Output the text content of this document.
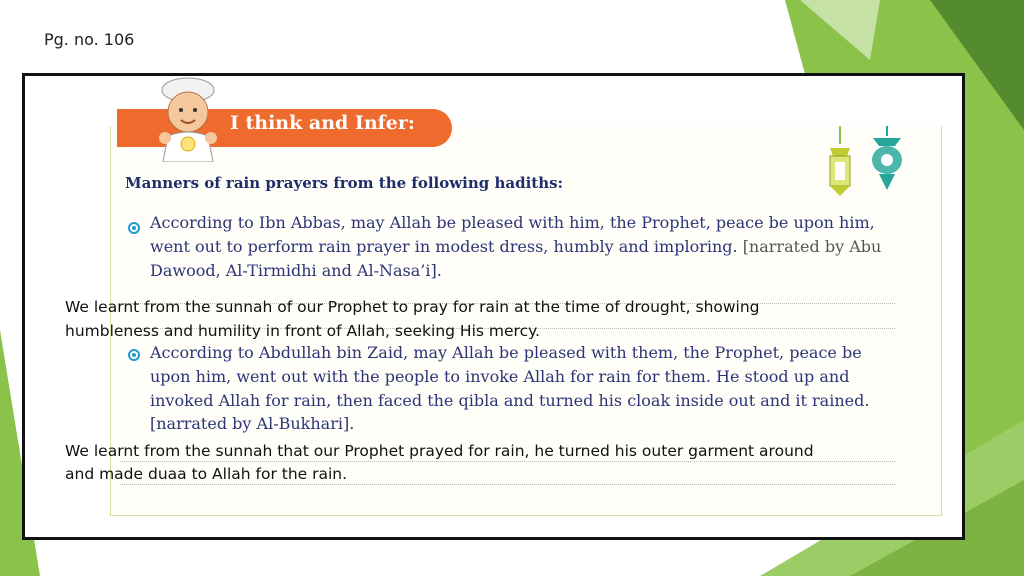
Pg. no. 106
I think and Infer:
Manners of rain prayers from the following hadiths:
According to Ibn Abbas, may Allah be pleased with him, the Prophet, peace be upon him,
went out to perform rain prayer in modest dress, humbly and imploring. [narrated by Abu
Dawood, Al-Tirmidhi and Al-Nasa’i].
We learnt from the sunnah of our Prophet to pray for rain at the time of drought, showing
humbleness and humility in front of Allah, seeking His mercy.
According to Abdullah bin Zaid, may Allah be pleased with them, the Prophet, peace be
upon him, went out with the people to invoke Allah for rain for them. He stood up and
invoked Allah for rain, then faced the qibla and turned his cloak inside out and it rained.
[narrated by Al-Bukhari].
We learnt from the sunnah that our Prophet prayed for rain, he turned his outer garment around
and made duaa to Allah for the rain.
